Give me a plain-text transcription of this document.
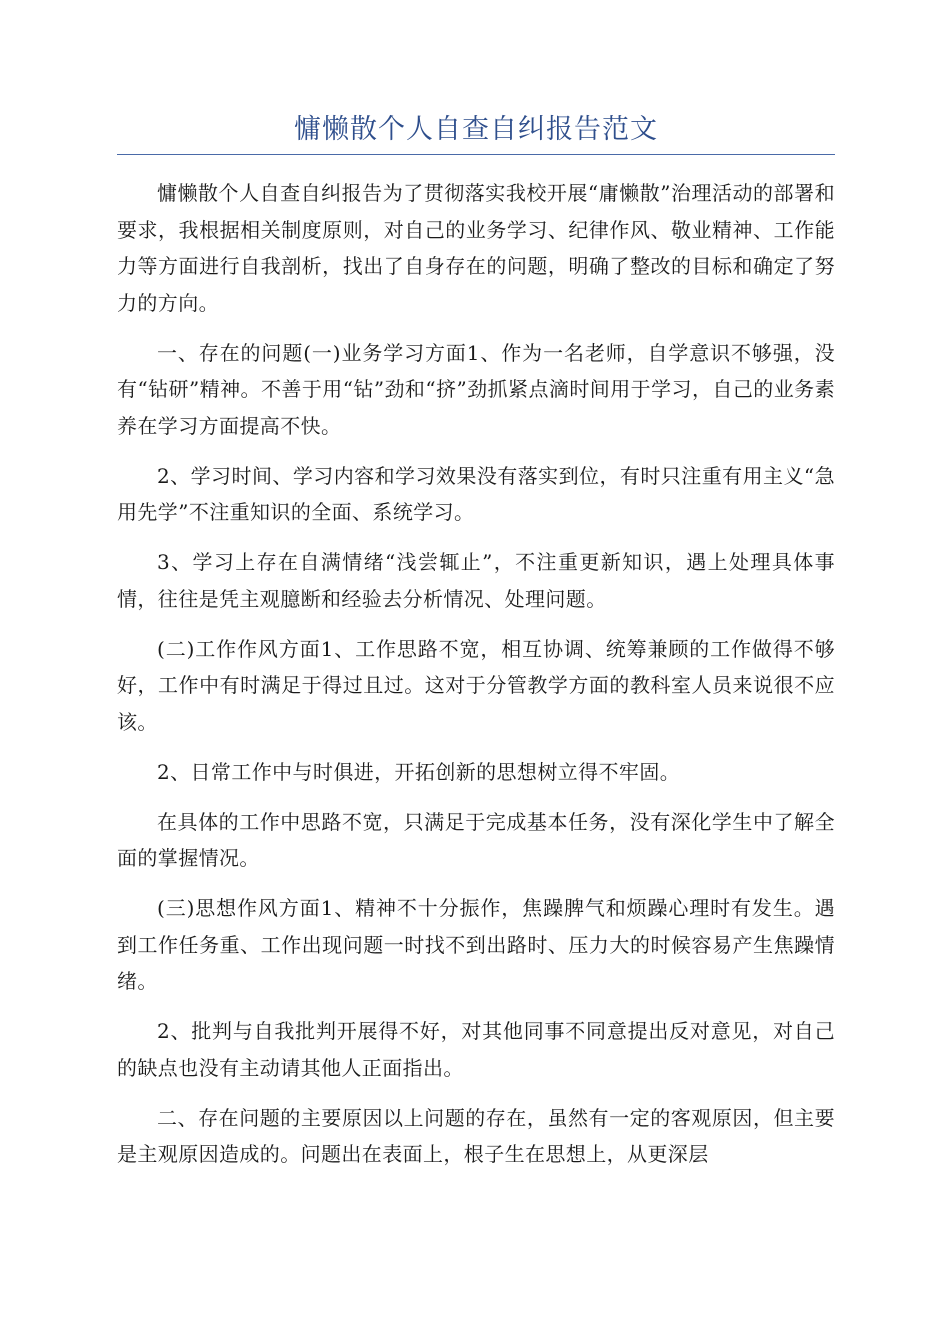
慵懒散个人自查自纠报告范文

慵懒散个人自查自纠报告为了贯彻落实我校开展“庸懒散”治理活动的部署和要求，我根据相关制度原则，对自己的业务学习、纪律作风、敬业精神、工作能力等方面进行自我剖析，找出了自身存在的问题，明确了整改的目标和确定了努力的方向。

一、存在的问题(一)业务学习方面1、作为一名老师，自学意识不够强，没有“钻研”精神。不善于用“钻”劲和“挤”劲抓紧点滴时间用于学习，自己的业务素养在学习方面提高不快。

2、学习时间、学习内容和学习效果没有落实到位，有时只注重有用主义“急用先学”不注重知识的全面、系统学习。

3、学习上存在自满情绪“浅尝辄止”，不注重更新知识，遇上处理具体事情，往往是凭主观臆断和经验去分析情况、处理问题。

(二)工作作风方面1、工作思路不宽，相互协调、统筹兼顾的工作做得不够好，工作中有时满足于得过且过。这对于分管教学方面的教科室人员来说很不应该。

2、日常工作中与时俱进，开拓创新的思想树立得不牢固。

在具体的工作中思路不宽，只满足于完成基本任务，没有深化学生中了解全面的掌握情况。

(三)思想作风方面1、精神不十分振作，焦躁脾气和烦躁心理时有发生。遇到工作任务重、工作出现问题一时找不到出路时、压力大的时候容易产生焦躁情绪。

2、批判与自我批判开展得不好，对其他同事不同意提出反对意见，对自己的缺点也没有主动请其他人正面指出。

二、存在问题的主要原因以上问题的存在，虽然有一定的客观原因，但主要是主观原因造成的。问题出在表面上，根子生在思想上，从更深层
